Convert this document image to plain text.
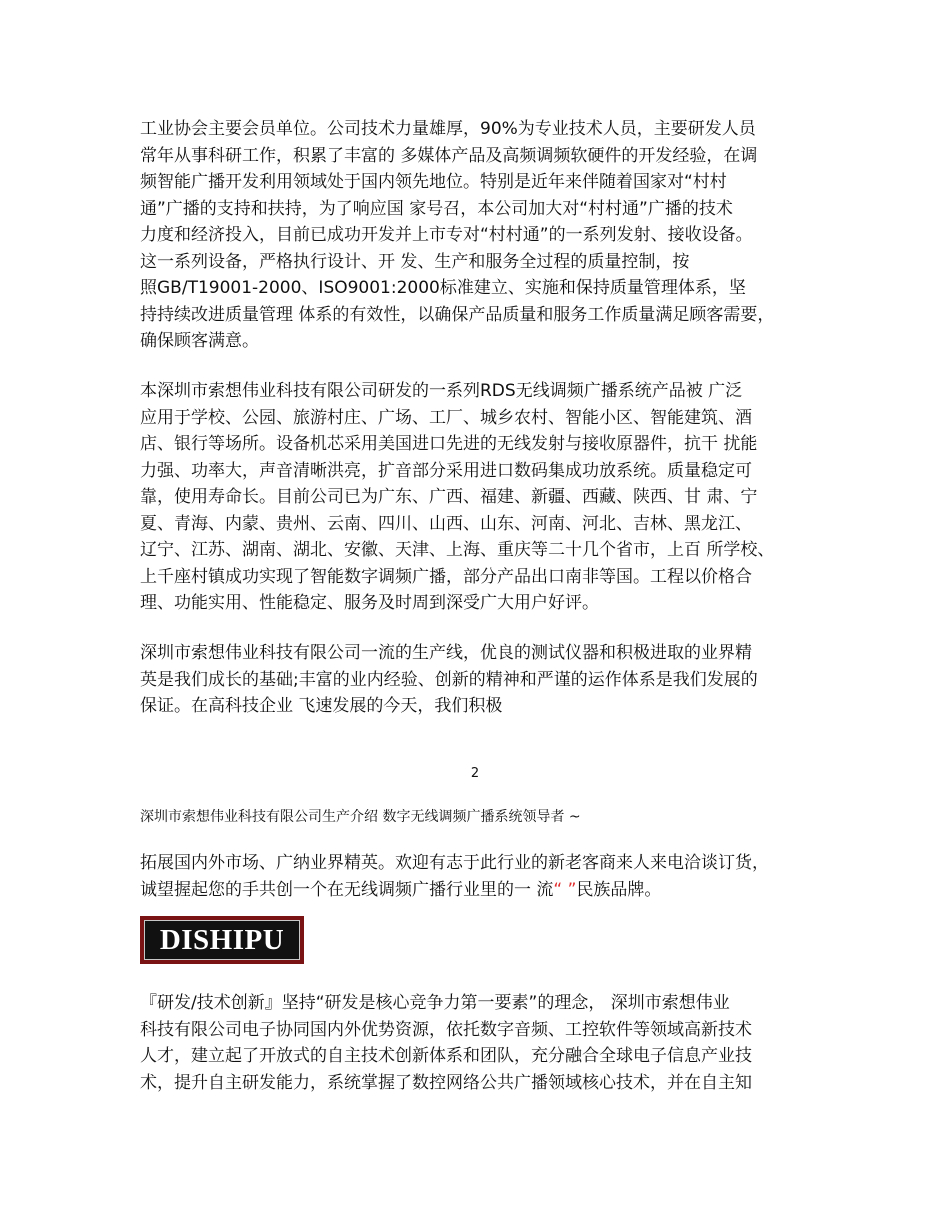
工业协会主要会员单位。公司技术力量雄厚，90%为专业技术人员，主要研发人员
常年从事科研工作，积累了丰富的 多媒体产品及高频调频软硬件的开发经验，在调
频智能广播开发利用领域处于国内领先地位。特别是近年来伴随着国家对“村村
通”广播的支持和扶持，为了响应国 家号召，本公司加大对“村村通”广播的技术
力度和经济投入，目前已成功开发并上市专对“村村通”的一系列发射、接收设备。
这一系列设备，严格执行设计、开 发、生产和服务全过程的质量控制，按
照GB/T19001-2000、ISO9001:2000标准建立、实施和保持质量管理体系，坚
持持续改进质量管理 体系的有效性，以确保产品质量和服务工作质量满足顾客需要，
确保顾客满意。
本深圳市索想伟业科技有限公司研发的一系列RDS无线调频广播系统产品被 广泛
应用于学校、公园、旅游村庄、广场、工厂、城乡农村、智能小区、智能建筑、酒
店、银行等场所。设备机芯采用美国进口先进的无线发射与接收原器件，抗干 扰能
力强、功率大，声音清晰洪亮，扩音部分采用进口数码集成功放系统。质量稳定可
靠，使用寿命长。目前公司已为广东、广西、福建、新疆、西藏、陕西、甘 肃、宁
夏、青海、内蒙、贵州、云南、四川、山西、山东、河南、河北、吉林、黑龙江、
辽宁、江苏、湖南、湖北、安徽、天津、上海、重庆等二十几个省市，上百 所学校、
上千座村镇成功实现了智能数字调频广播，部分产品出口南非等国。工程以价格合
理、功能实用、性能稳定、服务及时周到深受广大用户好评。
深圳市索想伟业科技有限公司一流的生产线，优良的测试仪器和积极进取的业界精
英是我们成长的基础;丰富的业内经验、创新的精神和严谨的运作体系是我们发展的
保证。在高科技企业 飞速发展的今天，我们积极
2
深圳市索想伟业科技有限公司生产介绍 数字无线调频广播系统领导者 ~
拓展国内外市场、广纳业界精英。欢迎有志于此行业的新老客商来人来电洽谈订货，
诚望握起您的手共创一个在无线调频广播行业里的一 流“ ”民族品牌。
DISHIPU
『研发/技术创新』坚持“研发是核心竞争力第一要素”的理念， 深圳市索想伟业
科技有限公司电子协同国内外优势资源，依托数字音频、工控软件等领域高新技术
人才，建立起了开放式的自主技术创新体系和团队，充分融合全球电子信息产业技
术，提升自主研发能力，系统掌握了数控网络公共广播领域核心技术，并在自主知
